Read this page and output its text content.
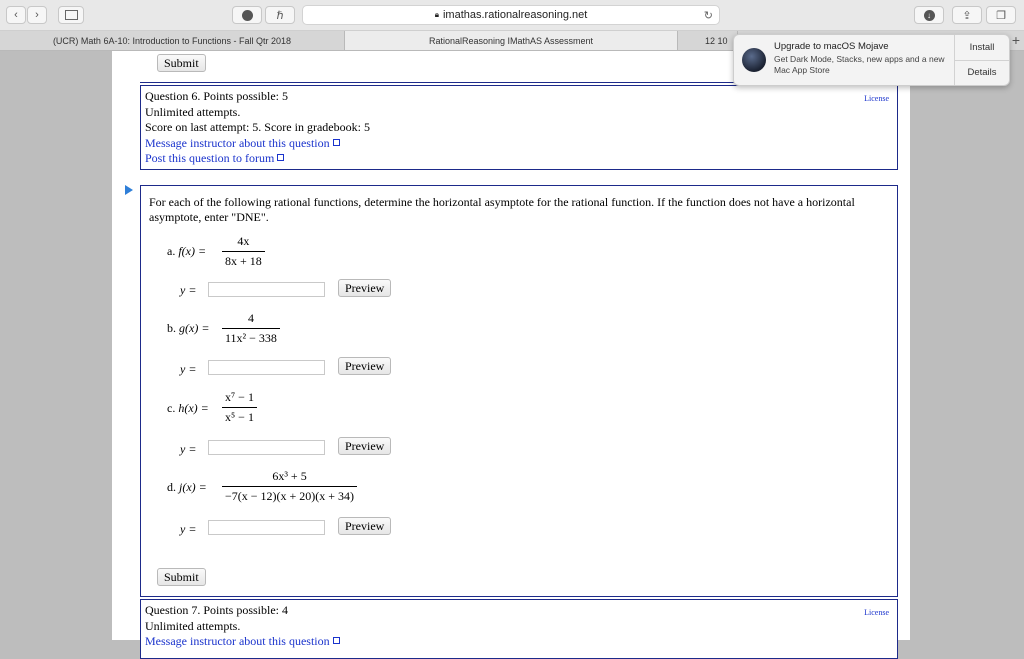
‹	›	ℏ	🔒︎ imathas.rationalreasoning.net	↻	↓	⇪ ❐
(UCR) Math 6A-10: Introduction to Functions - Fall Qtr 2018	RationalReasoning IMathAS Assessment	12 10	+
Submit
Question 6. Points possible: 5
Unlimited attempts.
Score on last attempt: 5. Score in gradebook: 5
Message instructor about this question
Post this question to forum
License
For each of the following rational functions, determine the horizontal asymptote for the rational function. If the function does not have a horizontal asymptote, enter "DNE".
a. $f(x) = \frac{4x}{8x + 18}$
y =	Preview
b. $g(x) = \frac{4}{\text{11x² − 338}}$
y =	Preview
c. $h(x) = \frac{\text{x⁷ − 1}}{\text{x⁵ − 1}}$
y =	Preview
d. $j(x) = \frac{\text{6x³ + 5}}{-7(x - 12)(x + 20)(x + 34)}$
y =	Preview
Submit
Question 7. Points possible: 4
Unlimited attempts.
Message instructor about this question
License
Upgrade to macOS Mojave
Get Dark Mode, Stacks, new apps and a new Mac App Store
Install
Details
